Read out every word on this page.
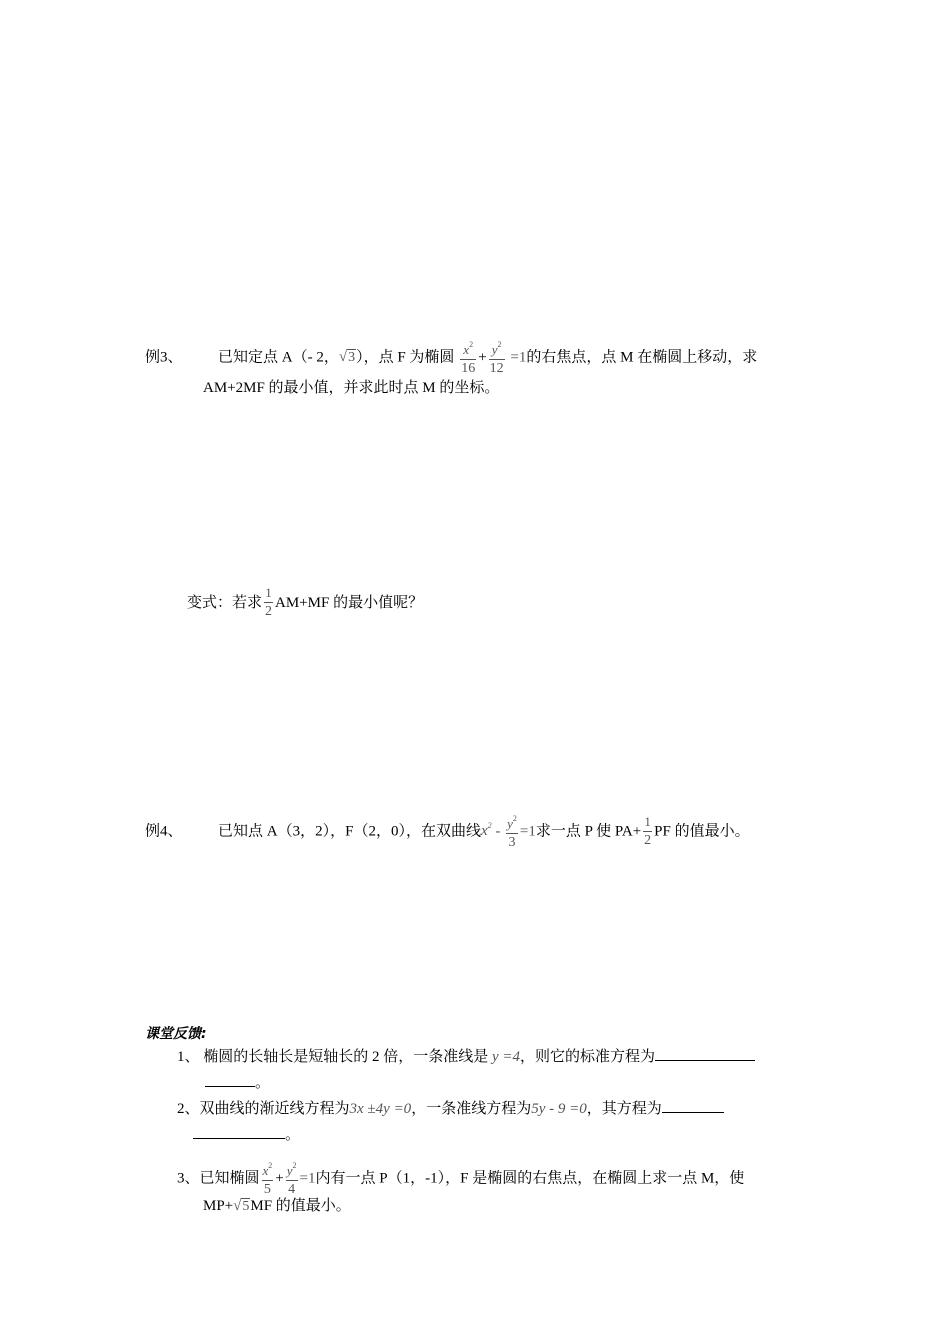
例3、 已知定点 A（- 2，√3），点 F 为椭圆 $\frac{x^2}{16} + \frac{y^2}{12} =1$的右焦点，点 M 在椭圆上移动，求
AM+2MF 的最小值，并求此时点 M 的坐标。
变式：若求 $\frac{1}{2} AM+MF$ 的最小值呢？
例4、 已知点 A（3，2），F（2，0），在双曲线$x^2 - \frac{y^2}{3} =1$求一点 P 使 $PA+ \frac{1}{2}$ PF 的值最小。
课堂反馈:
1、 椭圆的长轴长是短轴长的 2 倍，一条准线是 y =4，则它的标准方程为
。
2、双曲线的渐近线方程为3x ±4y =0，一条准线方程为5y - 9 =0，其方程为
。
3、已知椭圆 $\frac{x^2}{5} + \frac{y^2}{4} =1$内有一点 P（1，-1），F 是椭圆的右焦点，在椭圆上求一点 M，使
MP+√5MF 的值最小。
